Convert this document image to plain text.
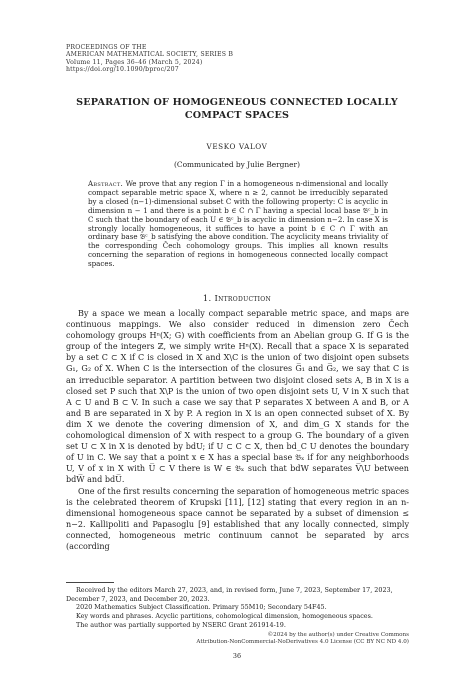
PROCEEDINGS OF THE
AMERICAN MATHEMATICAL SOCIETY, SERIES B
Volume 11, Pages 36–46 (March 5, 2024)
https://doi.org/10.1090/bproc/207
SEPARATION OF HOMOGENEOUS CONNECTED LOCALLY
COMPACT SPACES
VESKO VALOV
(Communicated by Julie Bergner)
Abstract. We prove that any region Γ in a homogeneous n-dimensional and locally compact separable metric space X, where n ≥ 2, cannot be irreducibly separated by a closed (n−1)-dimensional subset C with the following property: C is acyclic in dimension n − 1 and there is a point b ∈ C ∩ Γ having a special local base 𝔅ᶜ_b in C such that the boundary of each U ∈ 𝔅ᶜ_b is acyclic in dimension n−2. In case X is strongly locally homogeneous, it suffices to have a point b ∈ C ∩ Γ with an ordinary base 𝔅ᶜ_b satisfying the above condition. The acyclicity means triviality of the corresponding Čech cohomology groups. This implies all known results concerning the separation of regions in homogeneous connected locally compact spaces.
1. Introduction

By a space we mean a locally compact separable metric space, and maps are continuous mappings. We also consider reduced in dimension zero Čech cohomology groups Hⁿ(X; G) with coefficients from an Abelian group G. If G is the group of the integers ℤ, we simply write Hⁿ(X). Recall that a space X is separated by a set C ⊂ X if C is closed in X and X\C is the union of two disjoint open subsets G₁, G₂ of X. When C is the intersection of the closures G̅₁ and G̅₂, we say that C is an irreducible separator. A partition between two disjoint closed sets A, B in X is a closed set P such that X\P is the union of two open disjoint sets U, V in X such that A ⊂ U and B ⊂ V. In such a case we say that P separates X between A and B, or A and B are separated in X by P. A region in X is an open connected subset of X. By dim X we denote the covering dimension of X, and dim_G X stands for the cohomological dimension of X with respect to a group G. The boundary of a given set U ⊂ X in X is denoted by bdU; if U ⊂ C ⊂ X, then bd_C U denotes the boundary of U in C. We say that a point x ∈ X has a special base 𝔅ₓ if for any neighborhoods U, V of x in X with U̅ ⊂ V there is W ∈ 𝔅ₓ such that bdW separates V̅\U between bdW̅ and bdU̅.

One of the first results concerning the separation of homogeneous metric spaces is the celebrated theorem of Krupski [11], [12] stating that every region in an n-dimensional homogeneous space cannot be separated by a subset of dimension ≤ n−2. Kallipoliti and Papasoglu [9] established that any locally connected, simply connected, homogeneous metric continuum cannot be separated by arcs (according

Received by the editors March 27, 2023, and, in revised form, June 7, 2023, September 17, 2023, December 7, 2023, and December 20, 2023.
2020 Mathematics Subject Classification. Primary 55M10; Secondary 54F45.
Key words and phrases. Acyclic partitions, cohomological dimension, homogeneous spaces.
The author was partially supported by NSERC Grant 261914-19.
©2024 by the author(s) under Creative Commons
Attribution-NonCommercial-NoDerivatives 4.0 License (CC BY NC ND 4.0)
36
